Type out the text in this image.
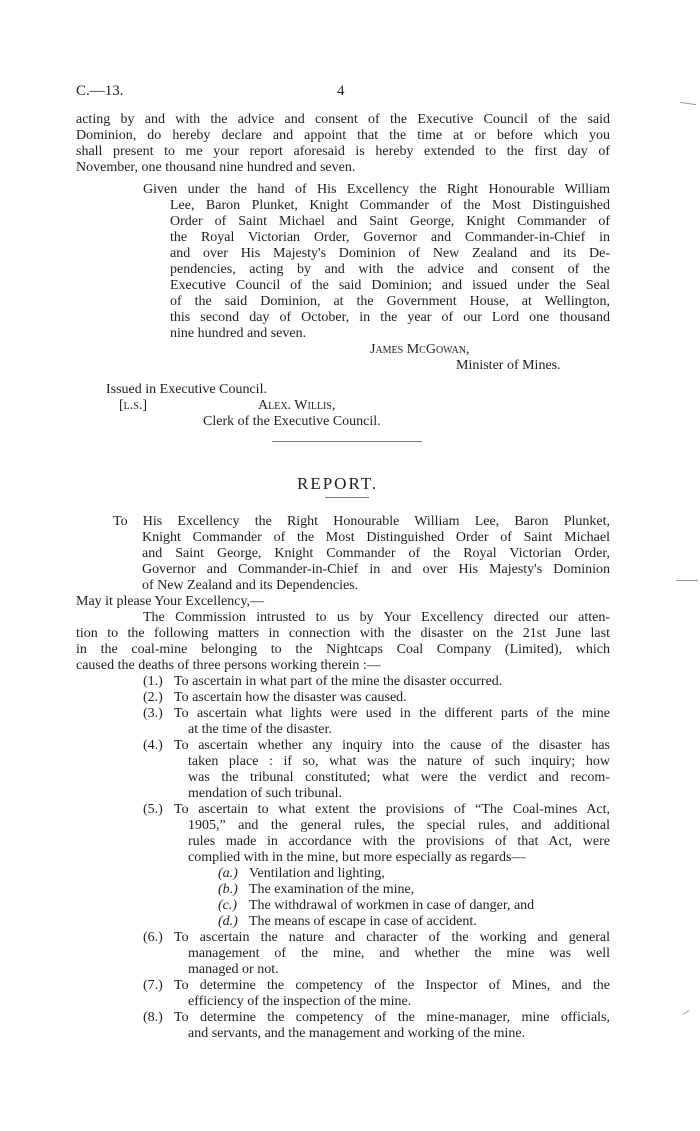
C.—13.	4
acting by and with the advice and consent of the Executive Council of the said
Dominion, do hereby declare and appoint that the time at or before which you
shall present to me your report aforesaid is hereby extended to the first day of
November, one thousand nine hundred and seven.
Given under the hand of His Excellency the Right Honourable William
Lee, Baron Plunket, Knight Commander of the Most Distinguished
Order of Saint Michael and Saint George, Knight Commander of
the Royal Victorian Order, Governor and Commander-in-Chief in
and over His Majesty's Dominion of New Zealand and its De-
pendencies, acting by and with the advice and consent of the
Executive Council of the said Dominion; and issued under the Seal
of the said Dominion, at the Government House, at Wellington,
this second day of October, in the year of our Lord one thousand
nine hundred and seven.
James McGowan,
Minister of Mines.
Issued in Executive Council.
[l.s.]	Alex. Willis,
Clerk of the Executive Council.
REPORT.
To His Excellency the Right Honourable William Lee, Baron Plunket,
Knight Commander of the Most Distinguished Order of Saint Michael
and Saint George, Knight Commander of the Royal Victorian Order,
Governor and Commander-in-Chief in and over His Majesty's Dominion
of New Zealand and its Dependencies.
May it please Your Excellency,—
The Commission intrusted to us by Your Excellency directed our atten-
tion to the following matters in connection with the disaster on the 21st June last
in the coal-mine belonging to the Nightcaps Coal Company (Limited), which
caused the deaths of three persons working therein :—
(1.) To ascertain in what part of the mine the disaster occurred.
(2.) To ascertain how the disaster was caused.
(3.) To ascertain what lights were used in the different parts of the mine
at the time of the disaster.
(4.) To ascertain whether any inquiry into the cause of the disaster has
taken place : if so, what was the nature of such inquiry; how
was the tribunal constituted; what were the verdict and recom-
mendation of such tribunal.
(5.) To ascertain to what extent the provisions of “The Coal-mines Act,
1905,” and the general rules, the special rules, and additional
rules made in accordance with the provisions of that Act, were
complied with in the mine, but more especially as regards—
(a.) Ventilation and lighting,
(b.) The examination of the mine,
(c.) The withdrawal of workmen in case of danger, and
(d.) The means of escape in case of accident.
(6.) To ascertain the nature and character of the working and general
management of the mine, and whether the mine was well
managed or not.
(7.) To determine the competency of the Inspector of Mines, and the
efficiency of the inspection of the mine.
(8.) To determine the competency of the mine-manager, mine officials,
and servants, and the management and working of the mine.
